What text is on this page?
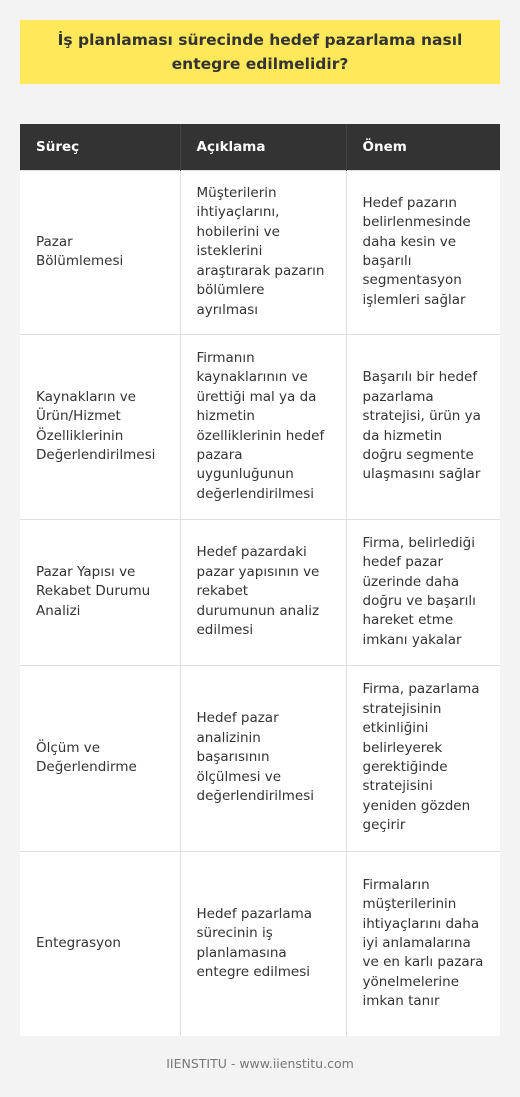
İş planlaması sürecinde hedef pazarlama nasıl entegre edilmelidir?
Süreç	Açıklama	Önem
Pazar Bölümlemesi	Müşterilerin ihtiyaçlarını, hobilerini ve isteklerini araştırarak pazarın bölümlere ayrılması	Hedef pazarın belirlenmesinde daha kesin ve başarılı segmentasyon işlemleri sağlar
Kaynakların ve Ürün/Hizmet Özelliklerinin Değerlendirilmesi	Firmanın kaynaklarının ve ürettiği mal ya da hizmetin özelliklerinin hedef pazara uygunluğunun değerlendirilmesi	Başarılı bir hedef pazarlama stratejisi, ürün ya da hizmetin doğru segmente ulaşmasını sağlar
Pazar Yapısı ve Rekabet Durumu Analizi	Hedef pazardaki pazar yapısının ve rekabet durumunun analiz edilmesi	Firma, belirlediği hedef pazar üzerinde daha doğru ve başarılı hareket etme imkanı yakalar
Ölçüm ve Değerlendirme	Hedef pazar analizinin başarısının ölçülmesi ve değerlendirilmesi	Firma, pazarlama stratejisinin etkinliğini belirleyerek gerektiğinde stratejisini yeniden gözden geçirir
Entegrasyon	Hedef pazarlama sürecinin iş planlamasına entegre edilmesi	Firmaların müşterilerinin ihtiyaçlarını daha iyi anlamalarına ve en karlı pazara yönelmelerine imkan tanır
IIENSTITU - www.iienstitu.com
